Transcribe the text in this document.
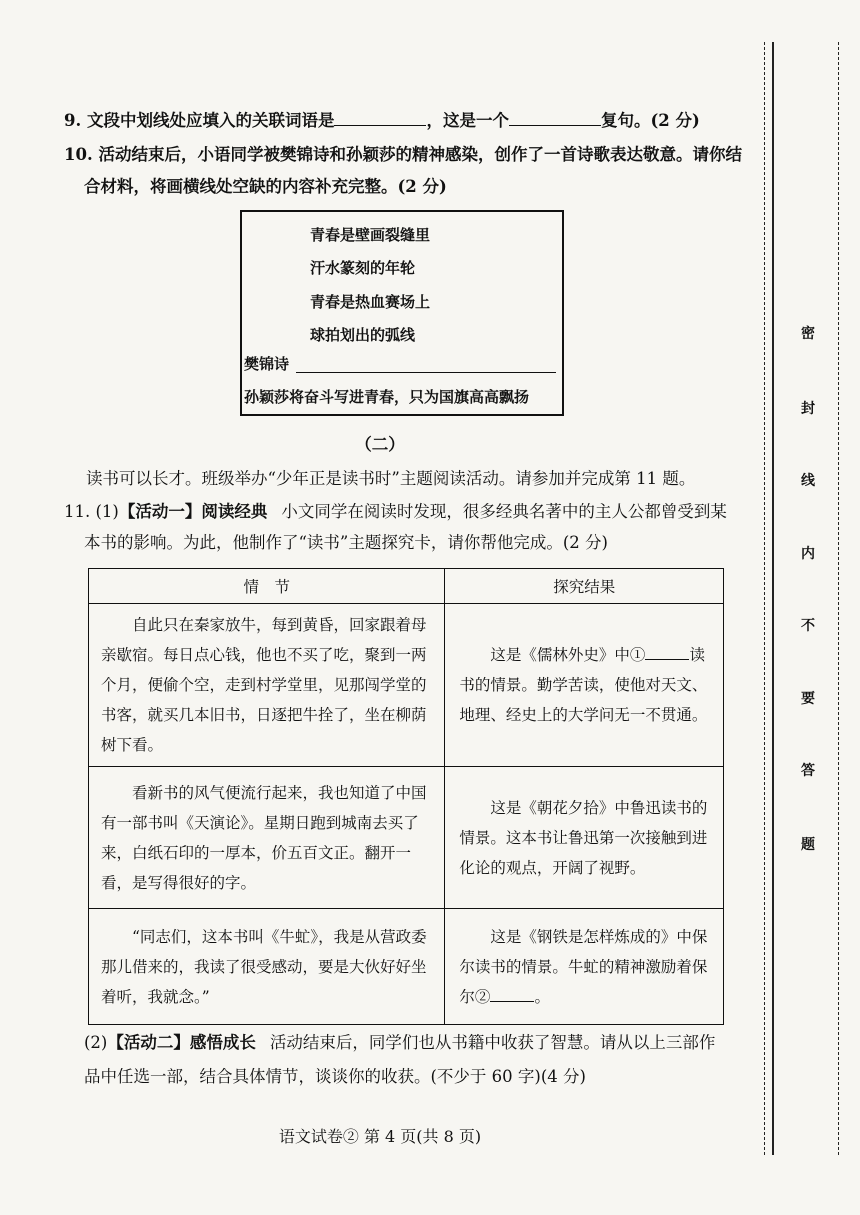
密
封
线
内
不
要
答
题
9. 文段中划线处应填入的关联词语是	，这是一个	复句。(2 分)
10. 活动结束后，小语同学被樊锦诗和孙颖莎的精神感染，创作了一首诗歌表达敬意。请你结
合材料，将画横线处空缺的内容补充完整。(2 分)
青春是壁画裂缝里
汗水篆刻的年轮
青春是热血赛场上
球拍划出的弧线
樊锦诗
孙颖莎将奋斗写进青春，只为国旗高高飘扬
（二）
读书可以长才。班级举办“少年正是读书时”主题阅读活动。请参加并完成第 11 题。
11. (1)【活动一】阅读经典 小文同学在阅读时发现，很多经典名著中的主人公都曾受到某
本书的影响。为此，他制作了“读书”主题探究卡，请你帮他完成。(2 分)
情　节	探究结果

自此只在秦家放牛，每到黄昏，回家跟着母亲歇宿。每日点心钱，他也不买了吃，聚到一两个月，便偷个空，走到村学堂里，见那闯学堂的书客，就买几本旧书，日逐把牛拴了，坐在柳荫树下看。	这是《儒林外史》中① 读书的情景。勤学苦读，使他对天文、地理、经史上的大学问无一不贯通。

看新书的风气便流行起来，我也知道了中国有一部书叫《天演论》。星期日跑到城南去买了来，白纸石印的一厚本，价五百文正。翻开一看，是写得很好的字。	这是《朝花夕拾》中鲁迅读书的情景。这本书让鲁迅第一次接触到进化论的观点，开阔了视野。

“同志们，这本书叫《牛虻》，我是从营政委那儿借来的，我读了很受感动，要是大伙好好坐着听，我就念。”	这是《钢铁是怎样炼成的》中保尔读书的情景。牛虻的精神激励着保尔② 。
(2)【活动二】感悟成长 活动结束后，同学们也从书籍中收获了智慧。请从以上三部作
品中任选一部，结合具体情节，谈谈你的收获。(不少于 60 字)(4 分)
语文试卷② 第 4 页(共 8 页)
